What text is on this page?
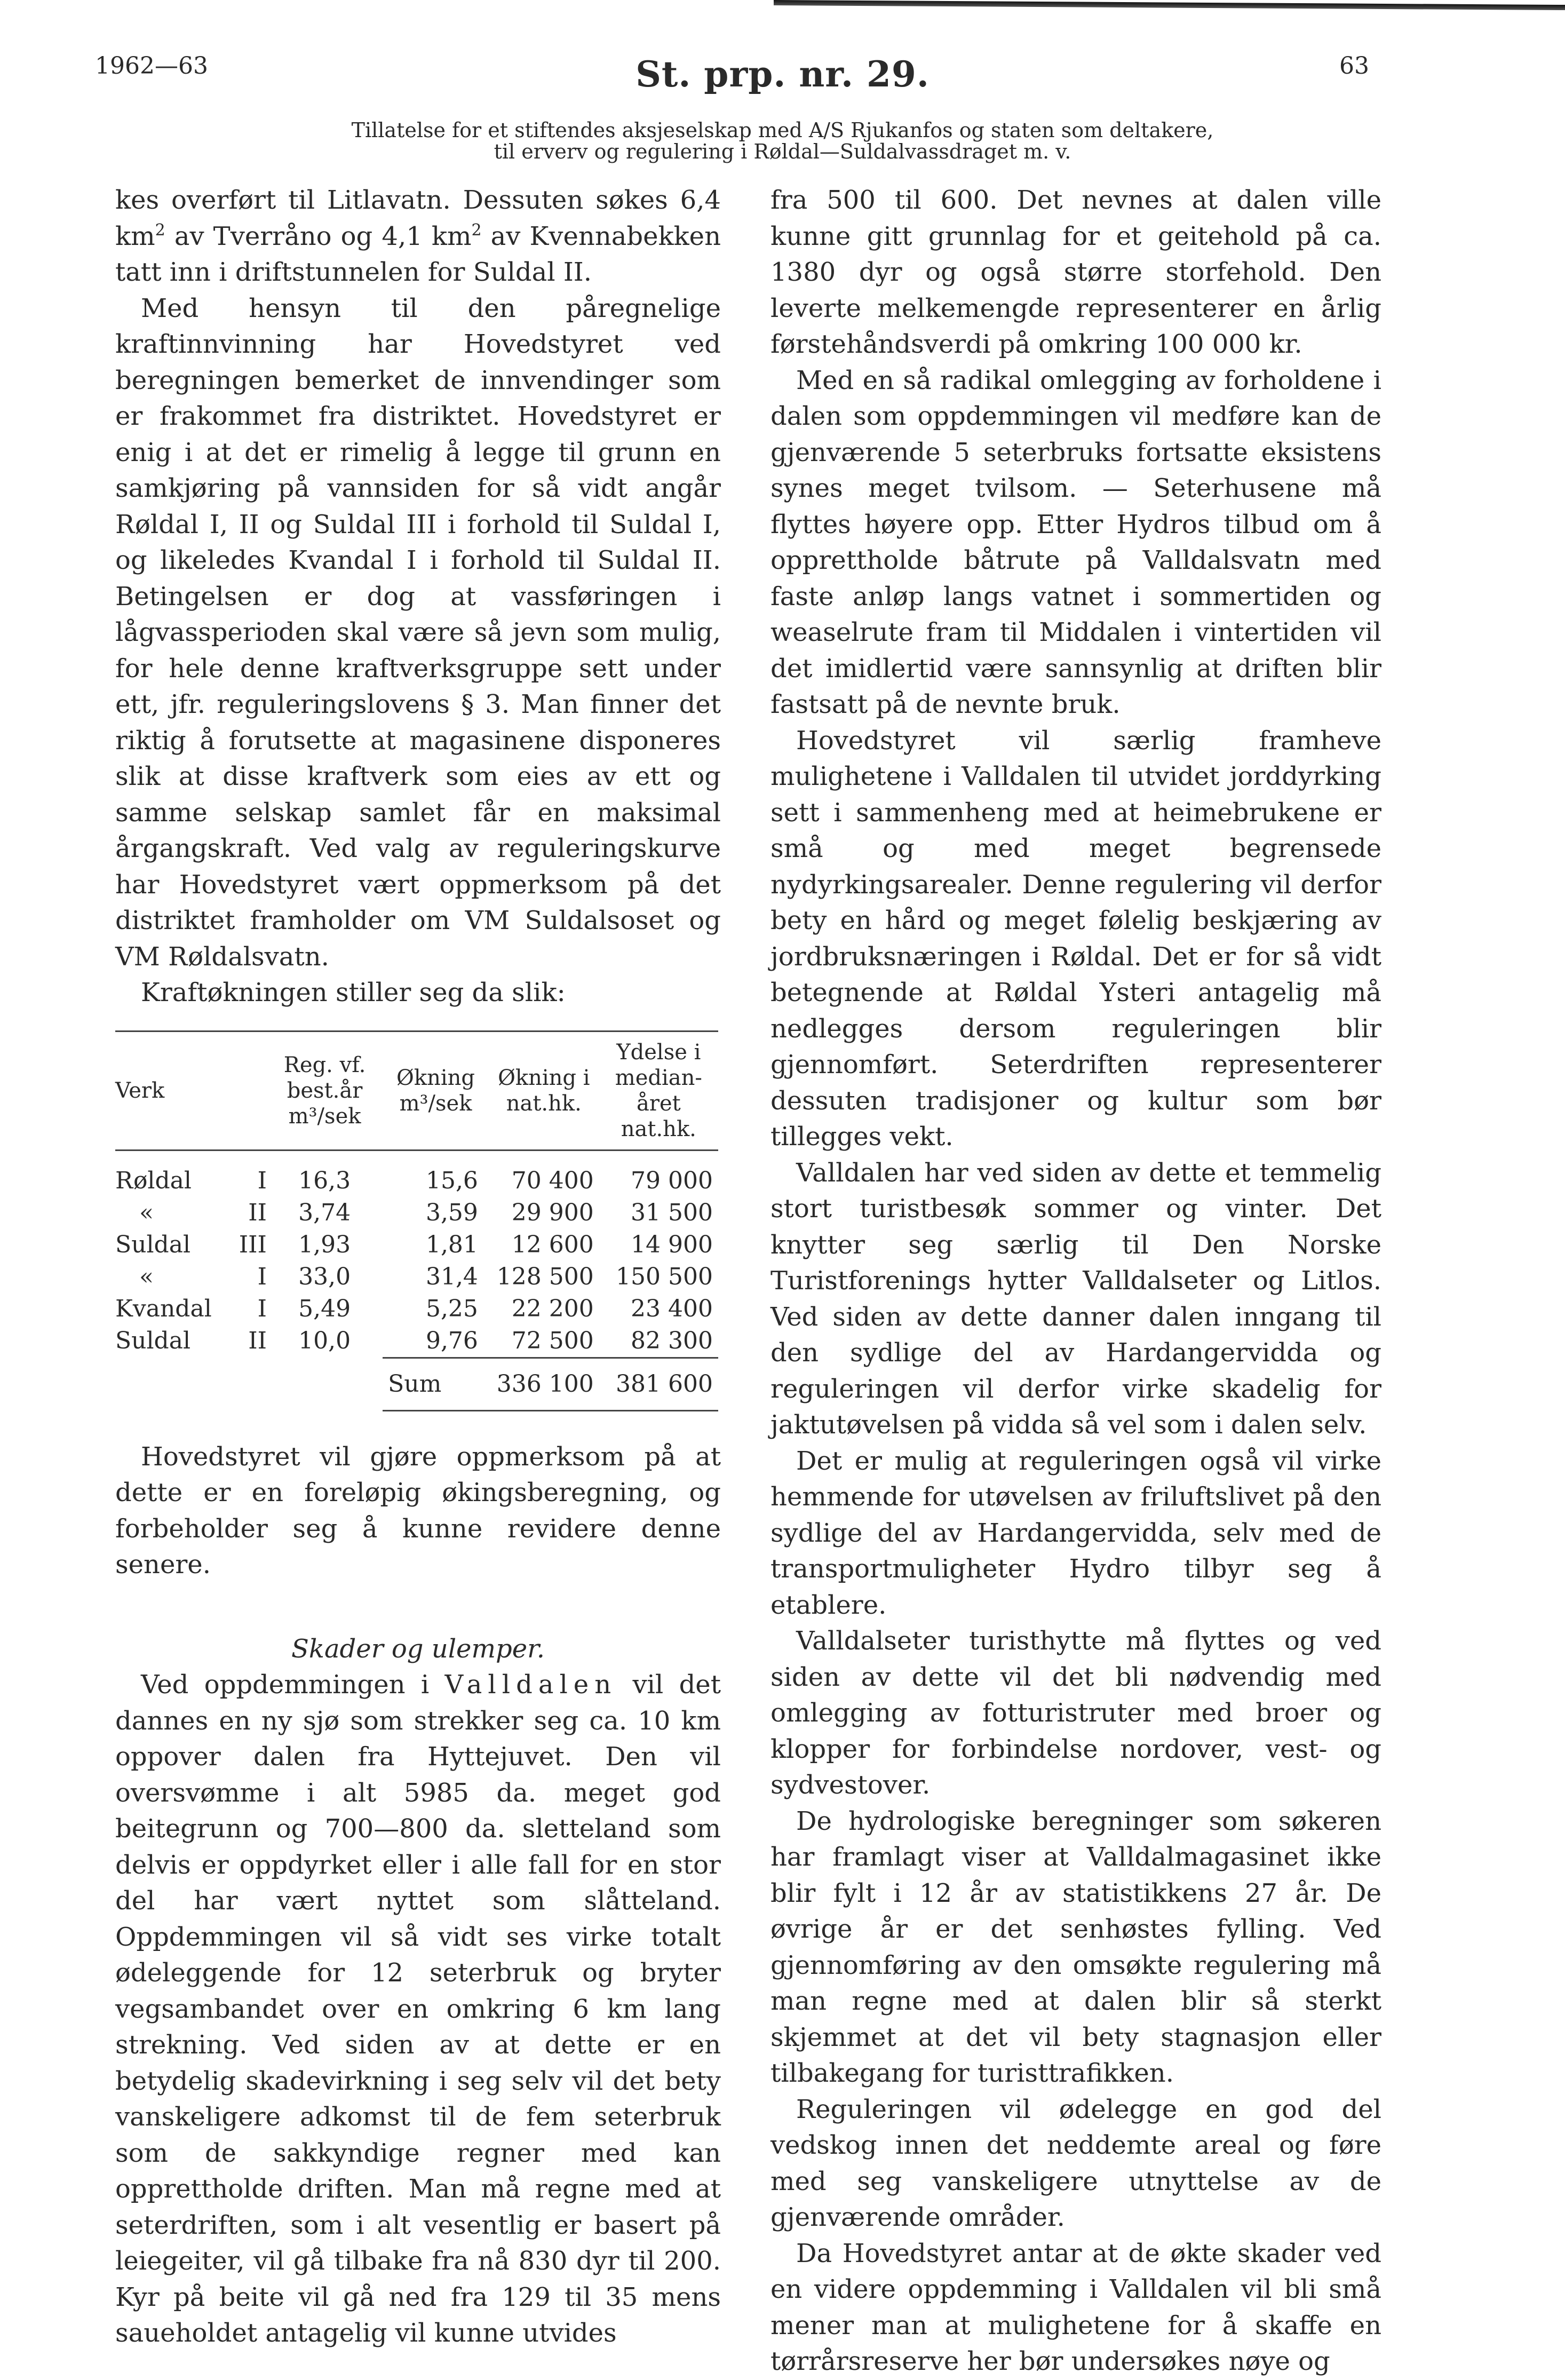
1962—63	St. prp. nr. 29.	63
Tillatelse for et stiftendes aksjeselskap med A/S Rjukanfos og staten som deltakere,
til erverv og regulering i Røldal—Suldalvassdraget m. v.

kes overført til Litlavatn. Dessuten søkes 6,4 $km^2$ av Tverråno og 4,1 $km^2$ av Kvennabekken tatt inn i driftstunnelen for Suldal II.

Med hensyn til den påregnelige kraftinnvinning har Hovedstyret ved beregningen bemerket de innvendinger som er frakommet fra distriktet. Hovedstyret er enig i at det er rimelig å legge til grunn en samkjøring på vannsiden for så vidt angår Røldal I, II og Suldal III i forhold til Suldal I, og likeledes Kvandal I i forhold til Suldal II. Betingelsen er dog at vassføringen i lågvassperioden skal være så jevn som mulig, for hele denne kraftverksgruppe sett under ett, jfr. reguleringslovens § 3. Man finner det riktig å forutsette at magasinene disponeres slik at disse kraftverk som eies av ett og samme selskap samlet får en maksimal årgangskraft. Ved valg av reguleringskurve har Hovedstyret vært oppmerksom på det distriktet framholder om VM Suldalsoset og VM Røldalsvatn.

Kraftøkningen stiller seg da slik:

Verk		Reg. vf. best.år m³/sek	Økning m³/sek	Økning i nat.hk.	Ydelse i median- året nat.hk.
Røldal	I	16,3	15,6	70 400	79 000
«	II	3,74	3,59	29 900	31 500
Suldal	III	1,93	1,81	12 600	14 900
«	I	33,0	31,4	128 500	150 500
Kvandal	I	5,49	5,25	22 200	23 400
Suldal	II	10,0	9,76	72 500	82 300
			Sum	336 100	381 600

Hovedstyret vil gjøre oppmerksom på at dette er en foreløpig økingsberegning, og forbeholder seg å kunne revidere denne senere.

Skader og ulemper.

Ved oppdemmingen i Valldalen vil det dannes en ny sjø som strekker seg ca. 10 km oppover dalen fra Hyttejuvet. Den vil oversvømme i alt 5985 da. meget god beitegrunn og 700—800 da. sletteland som delvis er oppdyrket eller i alle fall for en stor del har vært nyttet som slåtteland. Oppdemmingen vil så vidt ses virke totalt ødeleggende for 12 seterbruk og bryter vegsambandet over en omkring 6 km lang strekning. Ved siden av at dette er en betydelig skadevirkning i seg selv vil det bety vanskeligere adkomst til de fem seterbruk som de sakkyndige regner med kan opprettholde driften. Man må regne med at seterdriften, som i alt vesentlig er basert på leiegeiter, vil gå tilbake fra nå 830 dyr til 200. Kyr på beite vil gå ned fra 129 til 35 mens saueholdet antagelig vil kunne utvides

fra 500 til 600. Det nevnes at dalen ville kunne gitt grunnlag for et geitehold på ca. 1380 dyr og også større storfehold. Den leverte melkemengde representerer en årlig førstehåndsverdi på omkring 100 000 kr.

Med en så radikal omlegging av forholdene i dalen som oppdemmingen vil medføre kan de gjenværende 5 seterbruks fortsatte eksistens synes meget tvilsom. — Seterhusene må flyttes høyere opp. Etter Hydros tilbud om å opprettholde båtrute på Valldalsvatn med faste anløp langs vatnet i sommertiden og weaselrute fram til Middalen i vintertiden vil det imidlertid være sannsynlig at driften blir fastsatt på de nevnte bruk.

Hovedstyret vil særlig framheve mulighetene i Valldalen til utvidet jorddyrking sett i sammenheng med at heimebrukene er små og med meget begrensede nydyrkingsarealer. Denne regulering vil derfor bety en hård og meget følelig beskjæring av jordbruksnæringen i Røldal. Det er for så vidt betegnende at Røldal Ysteri antagelig må nedlegges dersom reguleringen blir gjennomført. Seterdriften representerer dessuten tradisjoner og kultur som bør tillegges vekt.

Valldalen har ved siden av dette et temmelig stort turistbesøk sommer og vinter. Det knytter seg særlig til Den Norske Turistforenings hytter Valldalseter og Litlos. Ved siden av dette danner dalen inngang til den sydlige del av Hardangervidda og reguleringen vil derfor virke skadelig for jaktutøvelsen på vidda så vel som i dalen selv.

Det er mulig at reguleringen også vil virke hemmende for utøvelsen av friluftslivet på den sydlige del av Hardangervidda, selv med de transportmuligheter Hydro tilbyr seg å etablere.

Valldalseter turisthytte må flyttes og ved siden av dette vil det bli nødvendig med omlegging av fotturistruter med broer og klopper for forbindelse nordover, vest- og sydvestover.

De hydrologiske beregninger som søkeren har framlagt viser at Valldalmagasinet ikke blir fylt i 12 år av statistikkens 27 år. De øvrige år er det senhøstes fylling. Ved gjennomføring av den omsøkte regulering må man regne med at dalen blir så sterkt skjemmet at det vil bety stagnasjon eller tilbakegang for turisttrafikken.

Reguleringen vil ødelegge en god del vedskog innen det neddemte areal og føre med seg vanskeligere utnyttelse av de gjenværende områder.

Da Hovedstyret antar at de økte skader ved en videre oppdemming i Valldalen vil bli små mener man at mulighetene for å skaffe en tørrårsreserve her bør undersøkes nøye og
